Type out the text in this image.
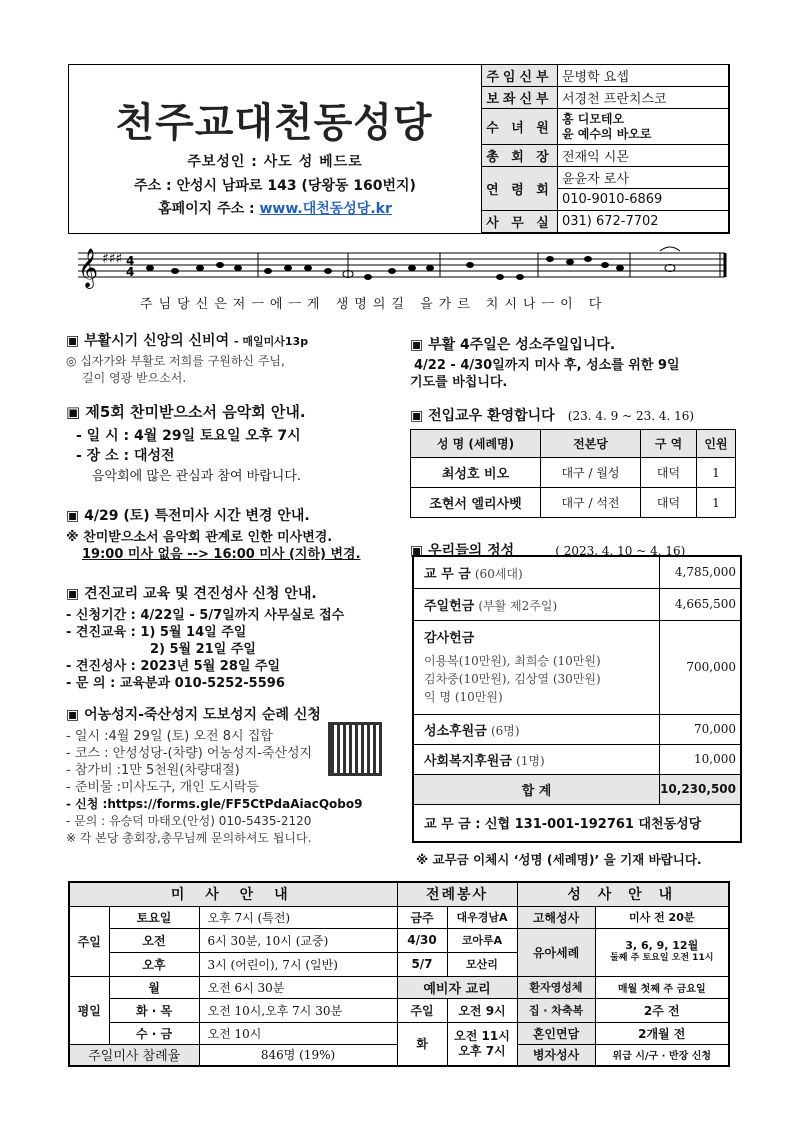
천주교대천동성당
주보성인 : 사도 성 베드로
주소 : 안성시 남파로 143 (당왕동 160번지)
홈페이지 주소 : www.대천동성당.kr
주임신부	문병학 요셉
보좌신부	서경천 프란치스코
수 녀 원	홍 디모테오
윤 예수의 바오로
총 회 장	전재익 시몬
연 령 회	윤윤자 로사
	010-9010-6869
사 무 실	031) 672-7702
𝄞 ♯♯♯ 4
4
주님당신은저ㅡ에ㅡ게 생명의길 을가르 치시나ㅡ이 다
▣ 부활시기 신앙의 신비여 - 매일미사13p
◎ 십자가와 부활로 저희를 구원하신 주님,
길이 영광 받으소서.
▣ 제5회 찬미받으소서 음악회 안내.
- 일 시 : 4월 29일 토요일 오후 7시
- 장 소 : 대성전
음악회에 많은 관심과 참여 바랍니다.
▣ 4/29 (토) 특전미사 시간 변경 안내.
※ 찬미받으소서 음악회 관계로 인한 미사변경.
19:00 미사 없음 --> 16:00 미사 (지하) 변경.
▣ 견진교리 교육 및 견진성사 신청 안내.
- 신청기간 : 4/22일 - 5/7일까지 사무실로 접수
- 견진교육 : 1) 5월 14일 주일
2) 5월 21일 주일
- 견진성사 : 2023년 5월 28일 주일
- 문 의 : 교육분과 010-5252-5596
▣ 어농성지-죽산성지 도보성지 순례 신청
- 일시 :4월 29일 (토) 오전 8시 집합
- 코스 : 안성성당-(차량) 어농성지-죽산성지
- 참가비 :1만 5천원(차량대절)
- 준비물 :미사도구, 개인 도시락등
- 신청 :https://forms.gle/FF5CtPdaAiacQobo9
- 문의 : 유승덕 마태오(안성) 010-5435-2120
※ 각 본당 총회장,총무님께 문의하셔도 됩니다.
▣ 부활 4주일은 성소주일입니다.
4/22 - 4/30일까지 미사 후, 성소를 위한 9일
기도를 바칩니다.
▣ 전입교우 환영합니다 (23. 4. 9 ~ 23. 4. 16)
성 명 (세례명)	전본당	구 역	인원
최성호 비오	대구 / 월성	대덕	1
조현서 엘리사벳	대구 / 석전	대덕	1
▣ 우리들의 정성	( 2023. 4. 10 ~ 4. 16)
교 무 금 (60세대)	4,785,000
주일헌금 (부활 제2주일)	4,665,500

감사헌금
이용복(10만원), 최희승 (10만원)
김차중(10만원), 김상열 (30만원)
익 명 (10만원)	700,000
성소후원금 (6명)	70,000
사회복지후원금 (1명)	10,000
합 계	10,230,500
교 무 금 : 신협 131-001-192761 대천동성당	
※ 교무금 이체시 ‘성명 (세례명)’ 을 기재 바랍니다.
미 사 안 내			전례봉사		성 사 안 내	
주일	토요일	오후 7시 (특전)	금주	대우경남A	고해성사	미사 전 20분
	오전	6시 30분, 10시 (교중)	4/30	코아루A	유아세례	3, 6, 9, 12월
둘째 주 토요일 오전 11시

	오후	3시 (어린이), 7시 (일반)	5/7	모산리		
평일	월	오전 6시 30분	예비자 교리		환자영성체	매월 첫째 주 금요일
	화 · 목	오전 10시,오후 7시 30분	주일	오전 9시	집 · 차축복	2주 전
	수 · 금	오전 10시	화	오전 11시
오후 7시	혼인면담	2개월 전
주일미사 참례율		846명 (19%)			병자성사	위급 시/구 · 반장 신청
